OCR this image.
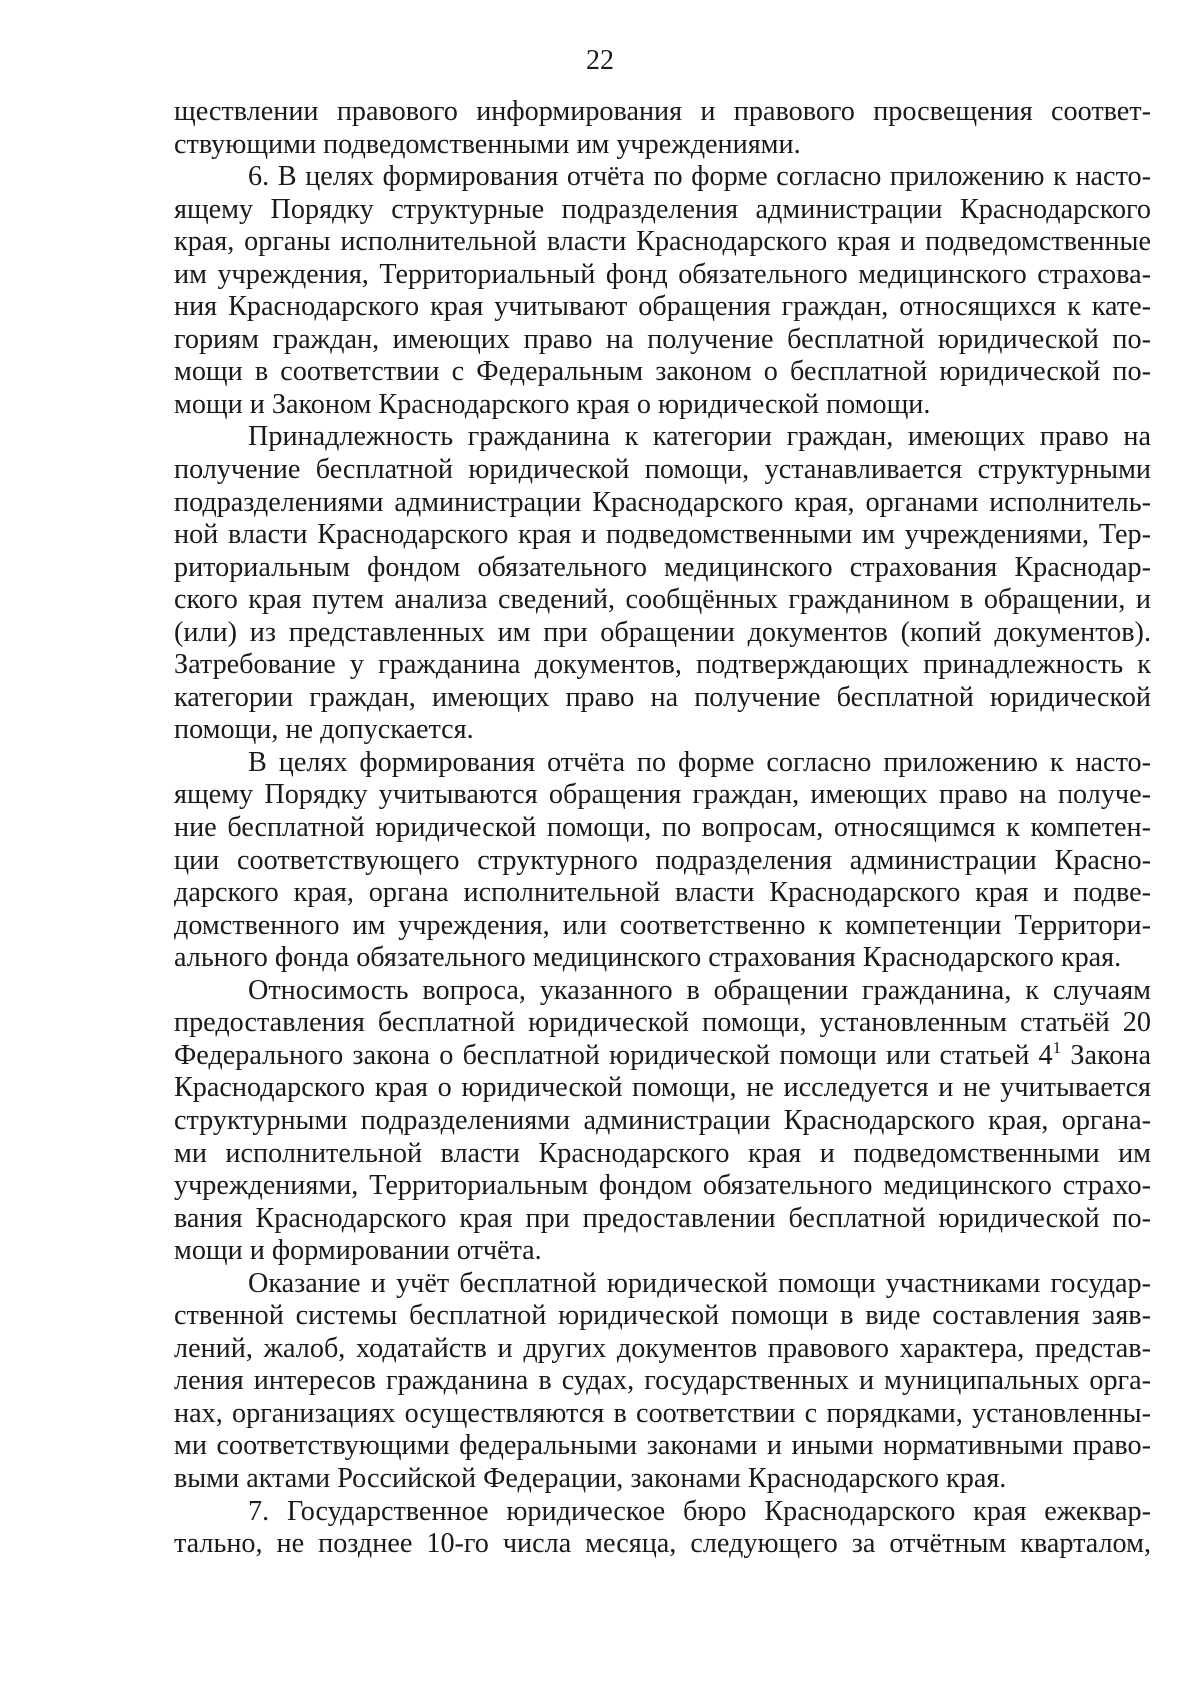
22
ществлении правового информирования и правового просвещения соответ-
ствующими подведомственными им учреждениями.
6. В целях формирования отчёта по форме согласно приложению к насто-
ящему Порядку структурные подразделения администрации Краснодарского
края, органы исполнительной власти Краснодарского края и подведомственные
им учреждения, Территориальный фонд обязательного медицинского страхова-
ния Краснодарского края учитывают обращения граждан, относящихся к кате-
гориям граждан, имеющих право на получение бесплатной юридической по-
мощи в соответствии с Федеральным законом о бесплатной юридической по-
мощи и Законом Краснодарского края о юридической помощи.
Принадлежность гражданина к категории граждан, имеющих право на
получение бесплатной юридической помощи, устанавливается структурными
подразделениями администрации Краснодарского края, органами исполнитель-
ной власти Краснодарского края и подведомственными им учреждениями, Тер-
риториальным фондом обязательного медицинского страхования Краснодар-
ского края путем анализа сведений, сообщённых гражданином в обращении, и
(или) из представленных им при обращении документов (копий документов).
Затребование у гражданина документов, подтверждающих принадлежность к
категории граждан, имеющих право на получение бесплатной юридической
помощи, не допускается.
В целях формирования отчёта по форме согласно приложению к насто-
ящему Порядку учитываются обращения граждан, имеющих право на получе-
ние бесплатной юридической помощи, по вопросам, относящимся к компетен-
ции соответствующего структурного подразделения администрации Красно-
дарского края, органа исполнительной власти Краснодарского края и подве-
домственного им учреждения, или соответственно к компетенции Территори-
ального фонда обязательного медицинского страхования Краснодарского края.
Относимость вопроса, указанного в обращении гражданина, к случаям
предоставления бесплатной юридической помощи, установленным статьёй 20
Федерального закона о бесплатной юридической помощи или статьей $4^1$ Закона
Краснодарского края о юридической помощи, не исследуется и не учитывается
структурными подразделениями администрации Краснодарского края, органа-
ми исполнительной власти Краснодарского края и подведомственными им
учреждениями, Территориальным фондом обязательного медицинского страхо-
вания Краснодарского края при предоставлении бесплатной юридической по-
мощи и формировании отчёта.
Оказание и учёт бесплатной юридической помощи участниками государ-
ственной системы бесплатной юридической помощи в виде составления заяв-
лений, жалоб, ходатайств и других документов правового характера, представ-
ления интересов гражданина в судах, государственных и муниципальных орга-
нах, организациях осуществляются в соответствии с порядками, установленны-
ми соответствующими федеральными законами и иными нормативными право-
выми актами Российской Федерации, законами Краснодарского края.
7. Государственное юридическое бюро Краснодарского края ежеквар-
тально, не позднее 10-го числа месяца, следующего за отчётным кварталом,
